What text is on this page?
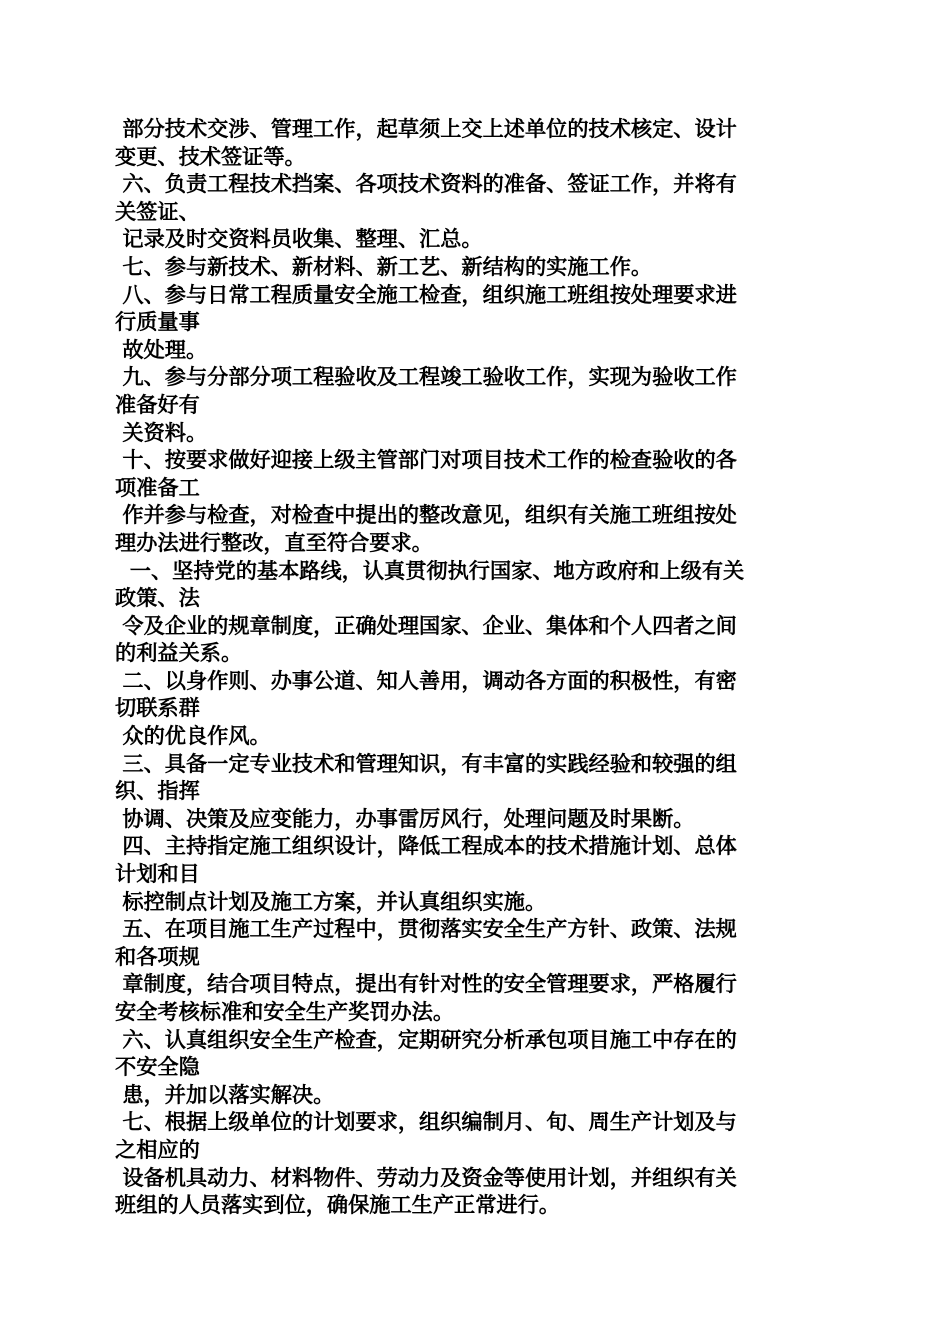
部分技术交涉、管理工作，起草须上交上述单位的技术核定、设计

变更、技术签证等。

六、负责工程技术挡案、各项技术资料的准备、签证工作，并将有

关签证、

记录及时交资料员收集、整理、汇总。

七、参与新技术、新材料、新工艺、新结构的实施工作。

八、参与日常工程质量安全施工检查，组织施工班组按处理要求进

行质量事

故处理。

九、参与分部分项工程验收及工程竣工验收工作，实现为验收工作

准备好有

关资料。

十、按要求做好迎接上级主管部门对项目技术工作的检查验收的各

项准备工

作并参与检查，对检查中提出的整改意见，组织有关施工班组按处

理办法进行整改，直至符合要求。

一、坚持党的基本路线，认真贯彻执行国家、地方政府和上级有关

政策、法

令及企业的规章制度，正确处理国家、企业、集体和个人四者之间

的利益关系。

二、以身作则、办事公道、知人善用，调动各方面的积极性，有密

切联系群

众的优良作风。

三、具备一定专业技术和管理知识，有丰富的实践经验和较强的组

织、指挥

协调、决策及应变能力，办事雷厉风行，处理问题及时果断。

四、主持指定施工组织设计，降低工程成本的技术措施计划、总体

计划和目

标控制点计划及施工方案，并认真组织实施。

五、在项目施工生产过程中，贯彻落实安全生产方针、政策、法规

和各项规

章制度，结合项目特点，提出有针对性的安全管理要求，严格履行

安全考核标准和安全生产奖罚办法。

六、认真组织安全生产检查，定期研究分析承包项目施工中存在的

不安全隐

患，并加以落实解决。

七、根据上级单位的计划要求，组织编制月、旬、周生产计划及与

之相应的

设备机具动力、材料物件、劳动力及资金等使用计划，并组织有关

班组的人员落实到位，确保施工生产正常进行。
